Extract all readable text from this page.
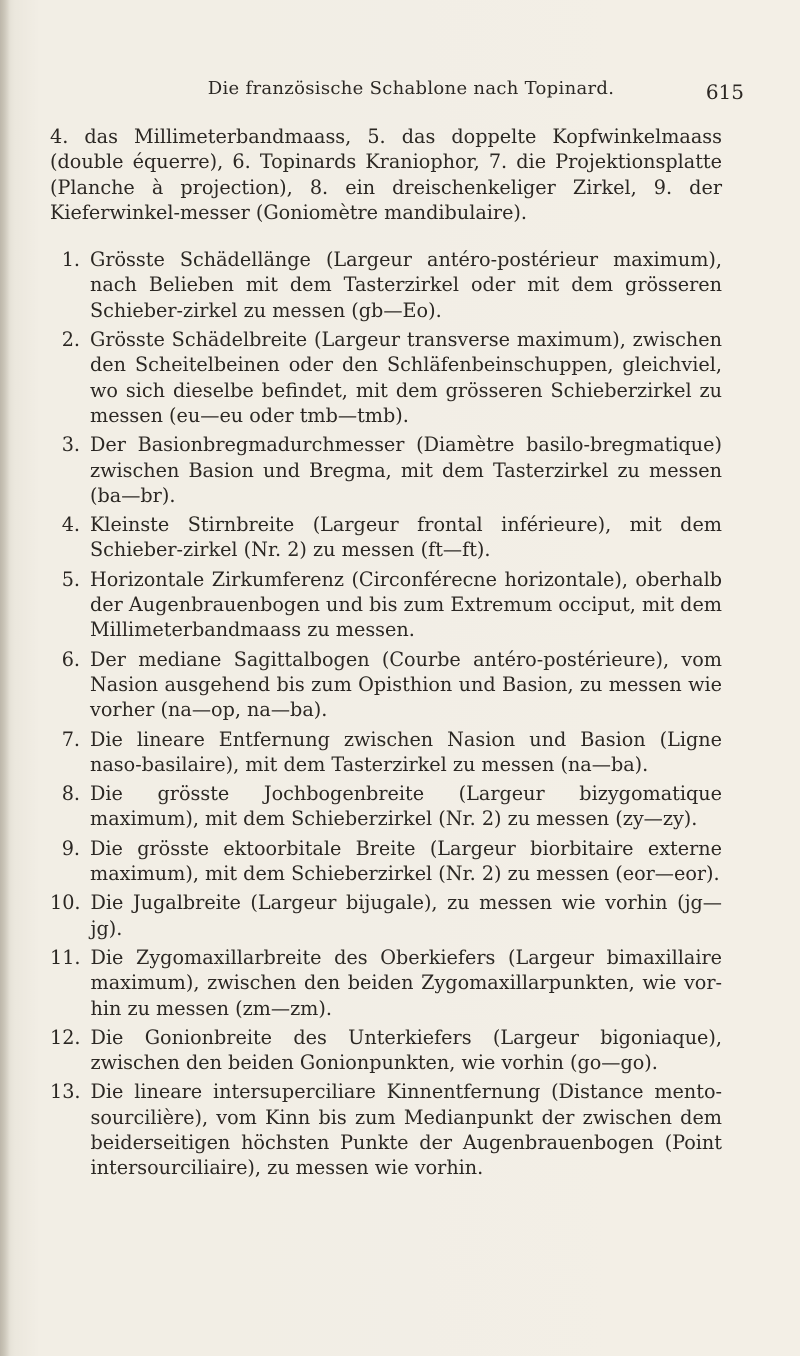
Die französische Schablone nach Topinard.	615

4. das Millimeterbandmaass, 5. das doppelte Kopfwinkelmaass (double équerre), 6. Topinards Kraniophor, 7. die Projektionsplatte (Planche à projection), 8. ein dreischenkeliger Zirkel, 9. der Kieferwinkel-messer (Goniomètre mandibulaire).

1. Grösste Schädellänge (Largeur antéro-postérieur maximum), nach Belieben mit dem Tasterzirkel oder mit dem grösseren Schieber-zirkel zu messen (gb—Eo).
2. Grösste Schädelbreite (Largeur transverse maximum), zwischen den Scheitelbeinen oder den Schläfenbeinschuppen, gleichviel, wo sich dieselbe befindet, mit dem grösseren Schieberzirkel zu messen (eu—eu oder tmb—tmb).
3. Der Basionbregmadurchmesser (Diamètre basilo-bregmatique) zwischen Basion und Bregma, mit dem Tasterzirkel zu messen (ba—br).
4. Kleinste Stirnbreite (Largeur frontal inférieure), mit dem Schieber-zirkel (Nr. 2) zu messen (ft—ft).
5. Horizontale Zirkumferenz (Circonférecne horizontale), oberhalb der Augenbrauenbogen und bis zum Extremum occiput, mit dem Millimeterbandmaass zu messen.
6. Der mediane Sagittalbogen (Courbe antéro-postérieure), vom Nasion ausgehend bis zum Opisthion und Basion, zu messen wie vorher (na—op, na—ba).
7. Die lineare Entfernung zwischen Nasion und Basion (Ligne naso-basilaire), mit dem Tasterzirkel zu messen (na—ba).
8. Die grösste Jochbogenbreite (Largeur bizygomatique maximum), mit dem Schieberzirkel (Nr. 2) zu messen (zy—zy).
9. Die grösste ektoorbitale Breite (Largeur biorbitaire externe maximum), mit dem Schieberzirkel (Nr. 2) zu messen (eor—eor).
10. Die Jugalbreite (Largeur bijugale), zu messen wie vorhin (jg—jg).
11. Die Zygomaxillarbreite des Oberkiefers (Largeur bimaxillaire maximum), zwischen den beiden Zygomaxillarpunkten, wie vor-hin zu messen (zm—zm).
12. Die Gonionbreite des Unterkiefers (Largeur bigoniaque), zwischen den beiden Gonionpunkten, wie vorhin (go—go).
13. Die lineare intersuperciliare Kinnentfernung (Distance mento-sourcilière), vom Kinn bis zum Medianpunkt der zwischen dem beiderseitigen höchsten Punkte der Augenbrauenbogen (Point intersourciliaire), zu messen wie vorhin.
